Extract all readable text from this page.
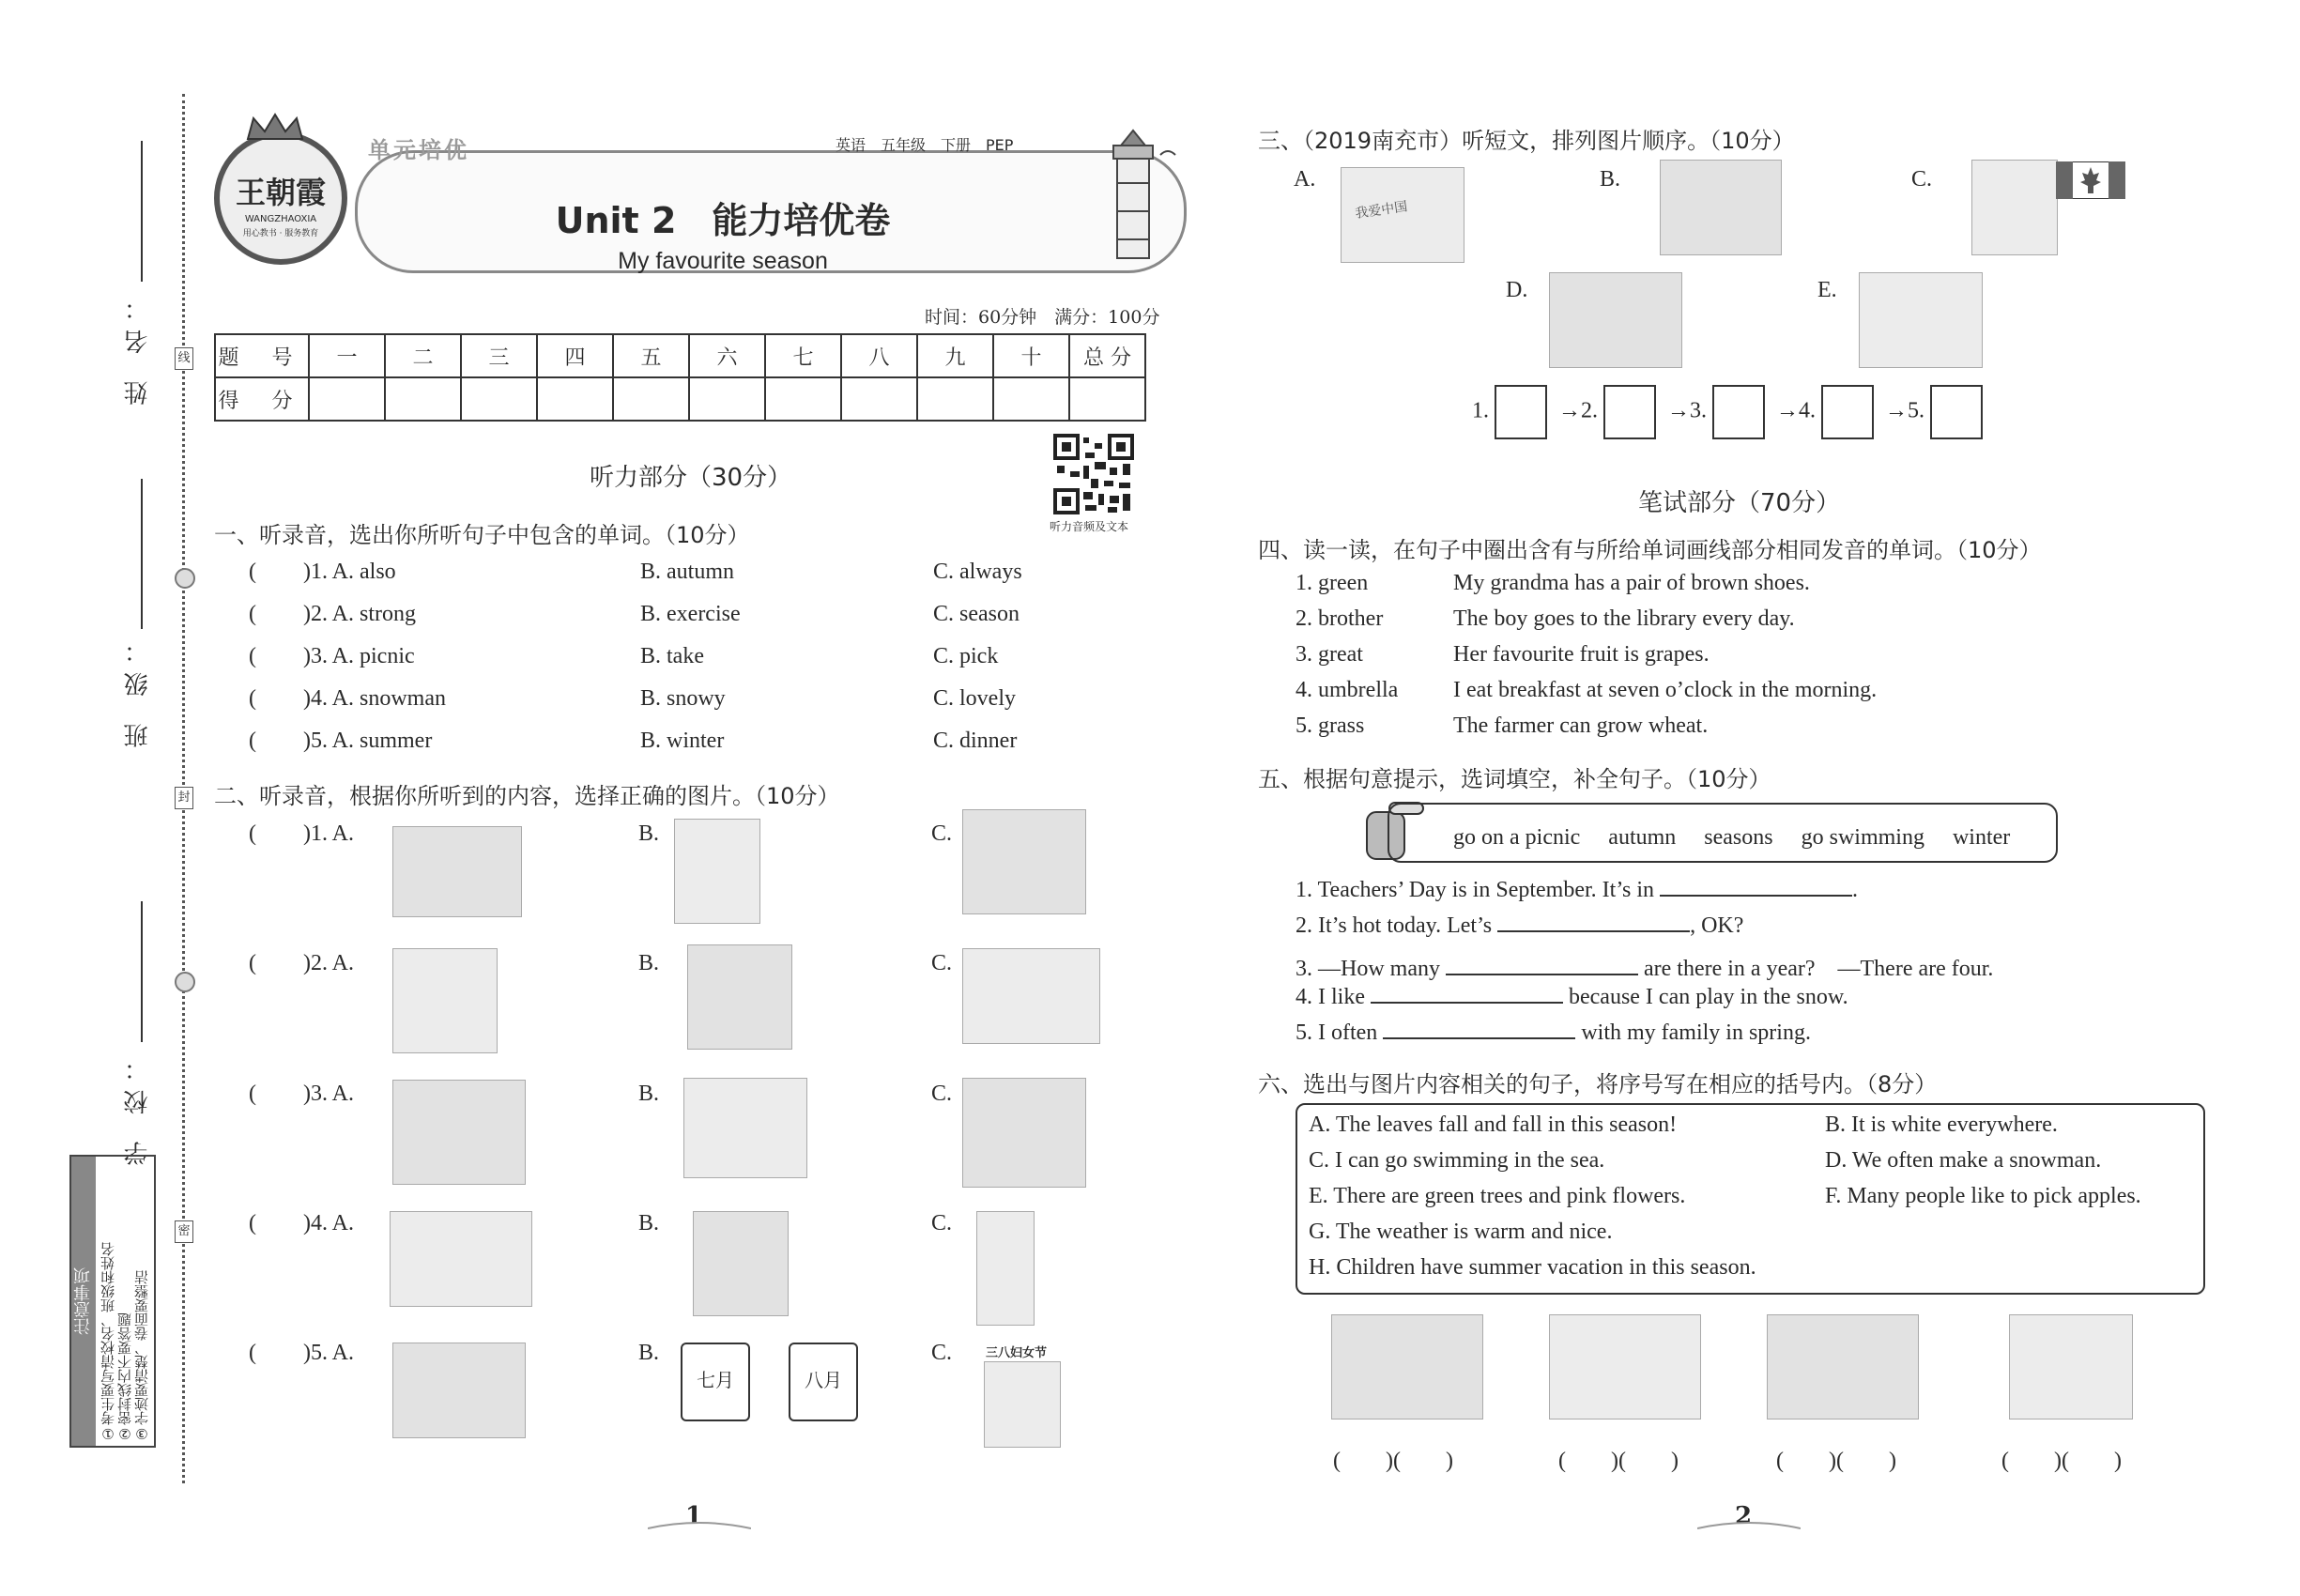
姓 名：
班 级：
学 校：
线
封
密
注意事项 ①考生要写清校名、班级和姓名 ②密封线内不要答题 ③字迹要清楚、卷面要整洁
王朝霞
WANGZHAOXIA
用心教书 · 服务教育
单元培优	英语　五年级　下册　PEP
Unit 2　能力培优卷
My favourite season
时间：60分钟　满分：100分
题 号	一	二	三	四	五	六	七	八	九	十	总 分
得 分											
听力部分（30分）
听力音频及文本
一、听录音，选出你所听句子中包含的单词。（10分）
( )1. A. also	B. autumn	C. always
( )2. A. strong	B. exercise	C. season
( )3. A. picnic	B. take	C. pick
( )4. A. snowman	B. snowy	C. lovely
( )5. A. summer	B. winter	C. dinner
二、听录音，根据你所听到的内容，选择正确的图片。（10分）
( )1. A.	B.	C.
( )2. A.	B.	C.
( )3. A.	B.	C.
( )4. A.	B.	C.
( )5. A.	B.
七月	八月
C.	三八妇女节
1
三、（2019南充市）听短文，排列图片顺序。（10分）
A.
我爱中国
B.	C.
D.	E.
1.	→2.	→3.	→4.	→5.
笔试部分（70分）
四、读一读，在句子中圈出含有与所给单词画线部分相同发音的单词。（10分）
1. green	My grandma has a pair of brown shoes.
2. brother	The boy goes to the library every day.
3. great	Her favourite fruit is grapes.
4. umbrella I eat breakfast at seven o’clock in the morning.
5. grass	The farmer can grow wheat.
五、根据句意提示，选词填空，补全句子。（10分）
go on a picnic　 autumn　 seasons　 go swimming　 winter
1. Teachers’ Day is in September. It’s in	.
2. It’s hot today. Let’s	, OK?
3. —How many	are there in a year?　—There are four.
4. I like	because I can play in the snow.
5. I often	with my family in spring.
六、选出与图片内容相关的句子，将序号写在相应的括号内。（8分）
A. The leaves fall and fall in this season!
C. I can go swimming in the sea.
E. There are green trees and pink flowers.
G. The weather is warm and nice.
H. Children have summer vacation in this season.
B. It is white everywhere.
D. We often make a snowman.
F. Many people like to pick apples.
(　　)(　　)	(　　)(　　)	(　　)(　　)	(　　)(　　)
2
